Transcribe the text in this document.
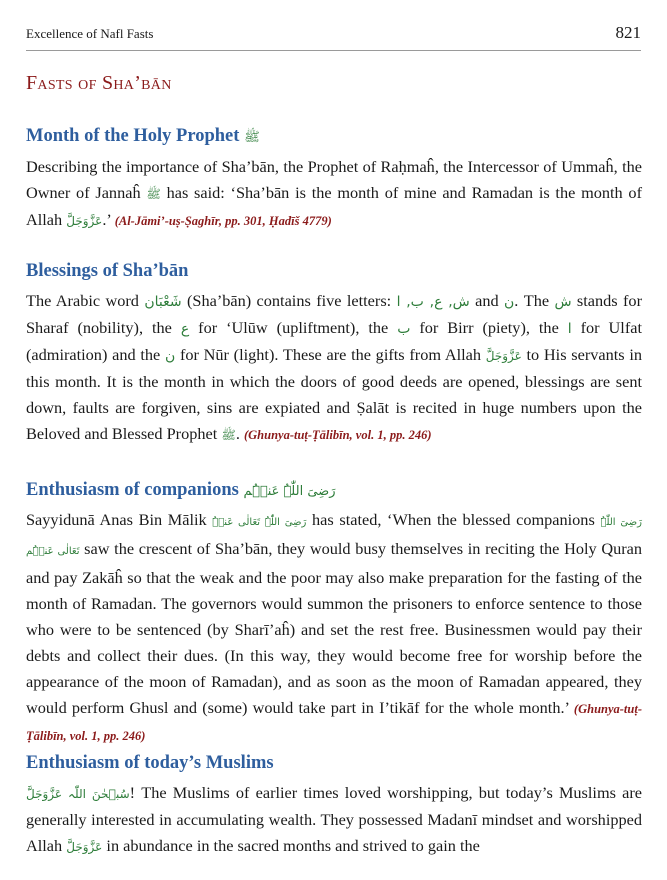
Excellence of Nafl Fasts	821
Fasts of Sha’bān
Month of the Holy Prophet ﷺ

Describing the importance of Sha’bān, the Prophet of Raḥmaĥ, the Intercessor of Ummaĥ, the Owner of Jannaĥ ﷺ has said: ‘Sha’bān is the month of mine and Ramadan is the month of Allah عَزَّوَجَلَّ.’ (Al-Jāmi’-uṣ-Ṣaghīr, pp. 301, Ḥadīš 4779)

Blessings of Sha’bān

The Arabic word شَعْبَان (Sha’bān) contains five letters: ش, ع, ب, ا and ن. The ش stands for Sharaf (nobility), the ع for ‘Ulūw (upliftment), the ب for Birr (piety), the ا for Ulfat (admiration) and the ن for Nūr (light). These are the gifts from Allah عَزَّوَجَلَّ to His servants in this month. It is the month in which the doors of good deeds are opened, blessings are sent down, faults are forgiven, sins are expiated and Ṣalāt is recited in huge numbers upon the Beloved and Blessed Prophet ﷺ. (Ghunya-tuṭ-Ṭālibīn, vol. 1, pp. 246)

Enthusiasm of companions رَضِیَ اللّٰہُ عَنۡہُم

Sayyidunā Anas Bin Mālik رَضِیَ اللّٰہُ تَعَالٰی عَنۡہُ has stated, ‘When the blessed companions رَضِیَ اللّٰہُ تَعَالٰی عَنۡہُم saw the crescent of Sha’bān, they would busy themselves in reciting the Holy Quran and pay Zakāĥ so that the weak and the poor may also make preparation for the fasting of the month of Ramadan. The governors would summon the prisoners to enforce sentence to those who were to be sentenced (by Sharī’aĥ) and set the rest free. Businessmen would pay their debts and collect their dues. (In this way, they would become free for worship before the appearance of the moon of Ramadan), and as soon as the moon of Ramadan appeared, they would perform Ghusl and (some) would take part in I’tikāf for the whole month.’ (Ghunya-tuṭ-Ṭālibīn, vol. 1, pp. 246)

Enthusiasm of today’s Muslims

سُبۡحٰنَ اللّٰہ عَزَّوَجَلَّ! The Muslims of earlier times loved worshipping, but today’s Muslims are generally interested in accumulating wealth. They possessed Madanī mindset and worshipped Allah عَزَّوَجَلَّ in abundance in the sacred months and strived to gain the
